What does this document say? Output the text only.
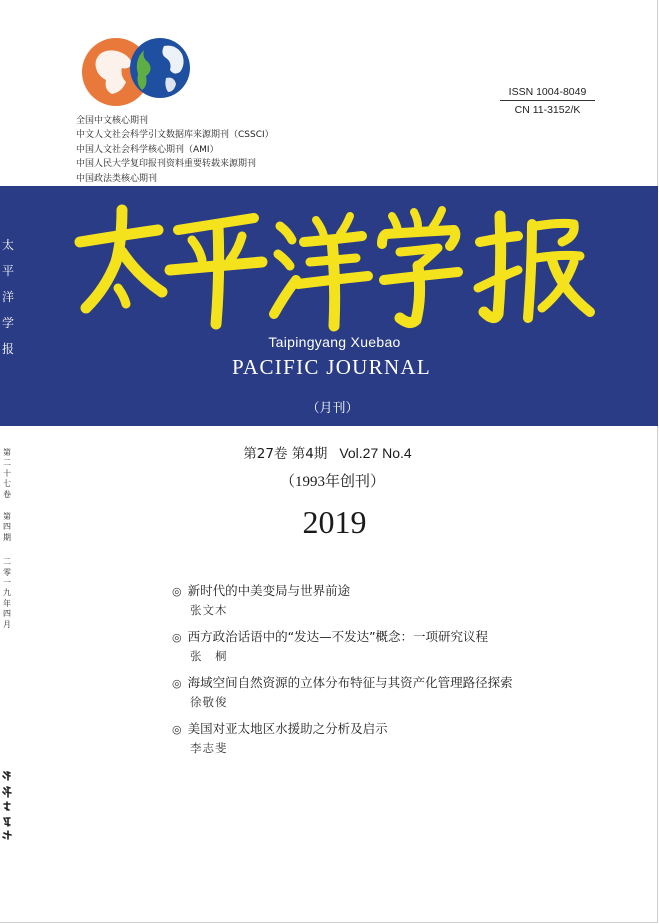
全国中文核心期刊
中文人文社会科学引文数据库来源期刊（CSSCI）
中国人文社会科学核心期刊（AMI）
中国人民大学复印报刊资料重要转载来源期刊
中国政法类核心期刊
ISSN 1004-8049
CN 11-3152/K
太
平
洋
学
报	Taipingyang Xuebao
PACIFIC JOURNAL
（月刊）
第
二
十
七
卷
第
四
期
二
零
一
九
年
四
月
第27卷 第4期 Vol.27 No.4
（1993年创刊）
2019
◎ 新时代的中美变局与世界前途
张文木
◎ 西方政治话语中的“发达—不发达”概念：一项研究议程
张　桐
◎ 海域空间自然资源的立体分布特征与其资产化管理路径探索
徐敬俊
◎ 美国对亚太地区水援助之分析及启示
李志斐
